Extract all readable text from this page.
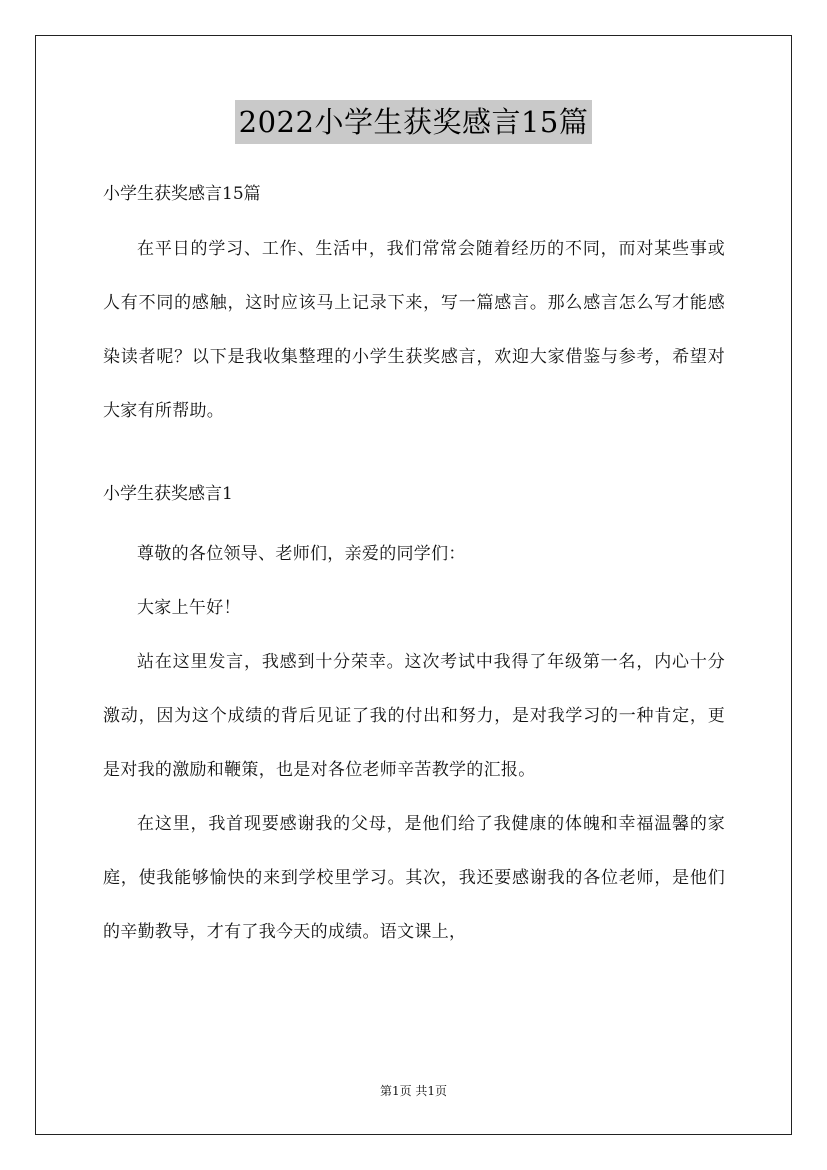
2022小学生获奖感言15篇

小学生获奖感言15篇

在平日的学习、工作、生活中，我们常常会随着经历的不同，而对某些事或人有不同的感触，这时应该马上记录下来，写一篇感言。那么感言怎么写才能感染读者呢？以下是我收集整理的小学生获奖感言，欢迎大家借鉴与参考，希望对大家有所帮助。

小学生获奖感言1

尊敬的各位领导、老师们，亲爱的同学们：

大家上午好！

站在这里发言，我感到十分荣幸。这次考试中我得了年级第一名，内心十分激动，因为这个成绩的背后见证了我的付出和努力，是对我学习的一种肯定，更是对我的激励和鞭策，也是对各位老师辛苦教学的汇报。

在这里，我首现要感谢我的父母，是他们给了我健康的体魄和幸福温馨的家庭，使我能够愉快的来到学校里学习。其次，我还要感谢我的各位老师，是他们的辛勤教导，才有了我今天的成绩。语文课上，

第1页 共1页
